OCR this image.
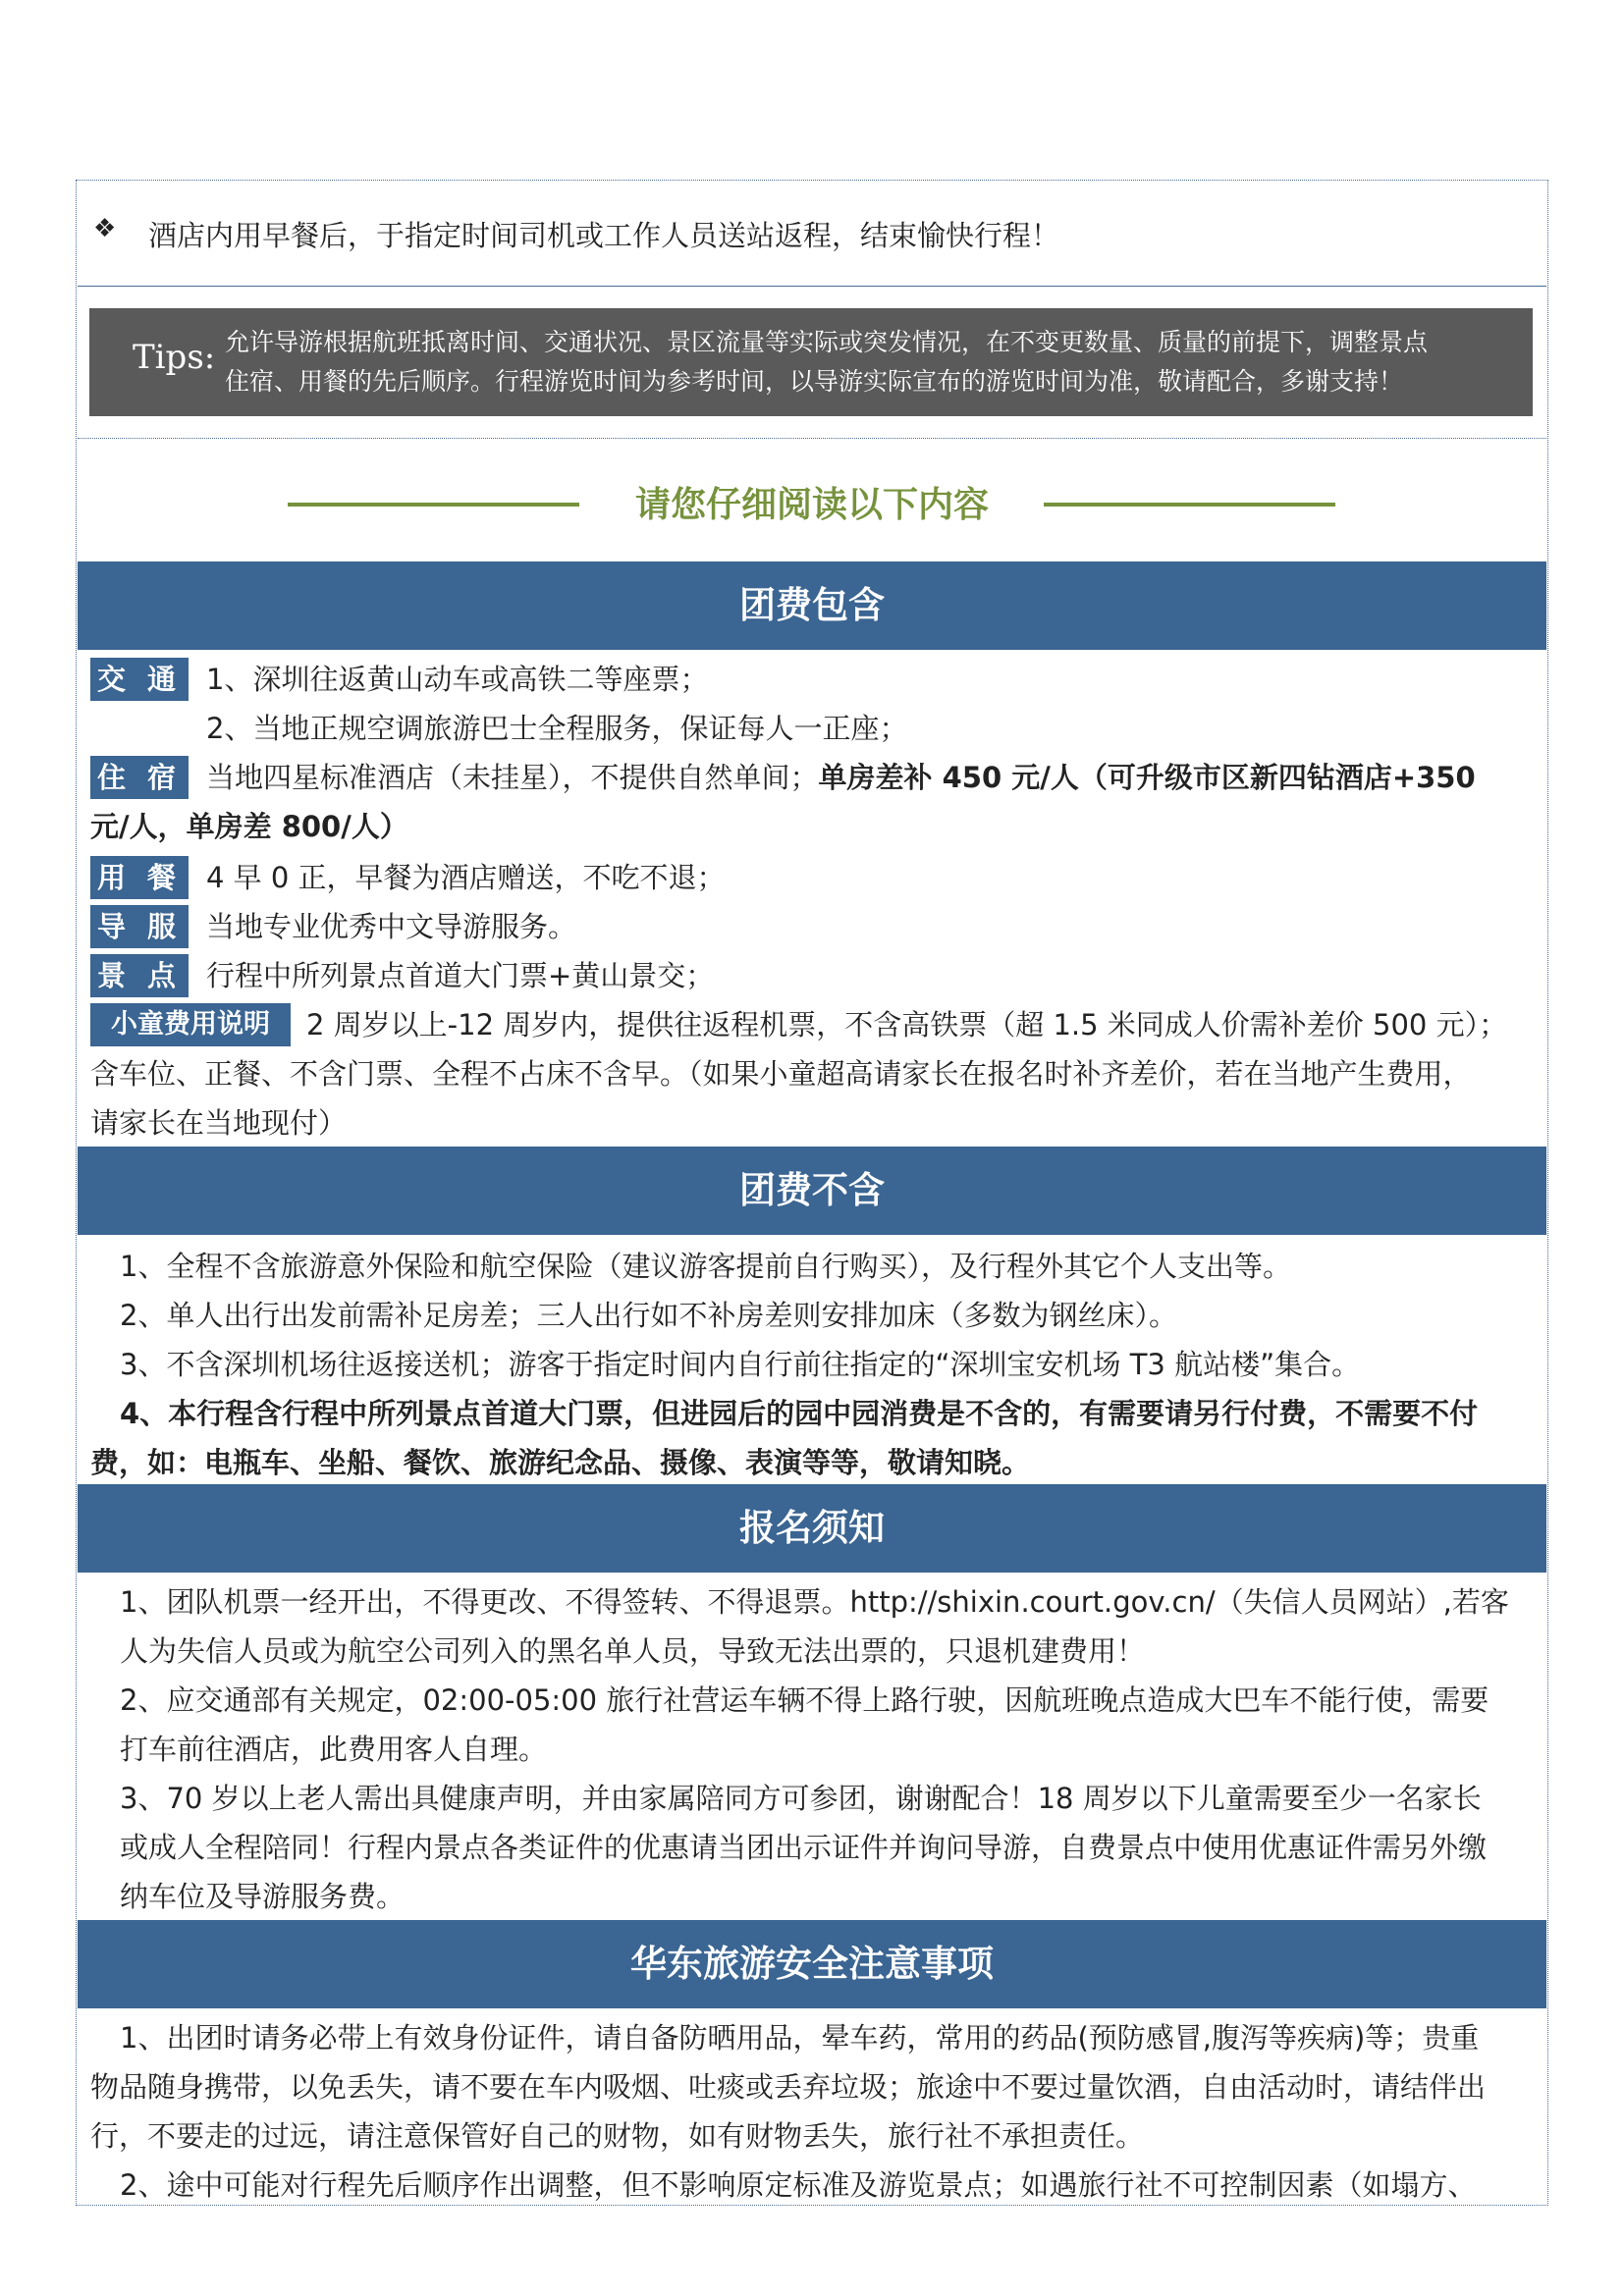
❖ 酒店内用早餐后，于指定时间司机或工作人员送站返程，结束愉快行程！
Tips: 允许导游根据航班抵离时间、交通状况、景区流量等实际或突发情况，在不变更数量、质量的前提下，调整景点
住宿、用餐的先后顺序。行程游览时间为参考时间，以导游实际宣布的游览时间为准，敬请配合，多谢支持！
请您仔细阅读以下内容
团费包含
交 通 1、深圳往返黄山动车或高铁二等座票；
2、当地正规空调旅游巴士全程服务，保证每人一正座；
住 宿 当地四星标准酒店（未挂星），不提供自然单间；单房差补 450 元/人（可升级市区新四钻酒店+350
元/人，单房差 800/人）
用 餐 4 早 0 正，早餐为酒店赠送，不吃不退；
导 服 当地专业优秀中文导游服务。
景 点 行程中所列景点首道大门票+黄山景交；
小童费用说明	2 周岁以上-12 周岁内，提供往返程机票，不含高铁票（超 1.5 米同成人价需补差价 500 元）；
含车位、正餐、不含门票、全程不占床不含早。（如果小童超高请家长在报名时补齐差价，若在当地产生费用，
请家长在当地现付）
团费不含
1、全程不含旅游意外保险和航空保险（建议游客提前自行购买），及行程外其它个人支出等。
2、单人出行出发前需补足房差；三人出行如不补房差则安排加床（多数为钢丝床）。
3、不含深圳机场往返接送机；游客于指定时间内自行前往指定的“深圳宝安机场 T3 航站楼”集合。
4、本行程含行程中所列景点首道大门票，但进园后的园中园消费是不含的，有需要请另行付费，不需要不付
费，如：电瓶车、坐船、餐饮、旅游纪念品、摄像、表演等等，敬请知晓。
报名须知
1、团队机票一经开出，不得更改、不得签转、不得退票。http://shixin.court.gov.cn/（失信人员网站）,若客
人为失信人员或为航空公司列入的黑名单人员，导致无法出票的，只退机建费用！
2、应交通部有关规定，02:00-05:00 旅行社营运车辆不得上路行驶，因航班晚点造成大巴车不能行使，需要
打车前往酒店，此费用客人自理。
3、70 岁以上老人需出具健康声明，并由家属陪同方可参团，谢谢配合！18 周岁以下儿童需要至少一名家长
或成人全程陪同！行程内景点各类证件的优惠请当团出示证件并询问导游，自费景点中使用优惠证件需另外缴
纳车位及导游服务费。
华东旅游安全注意事项
1、出团时请务必带上有效身份证件，请自备防晒用品，晕车药，常用的药品(预防感冒,腹泻等疾病)等；贵重
物品随身携带，以免丢失，请不要在车内吸烟、吐痰或丢弃垃圾；旅途中不要过量饮酒，自由活动时，请结伴出
行，不要走的过远，请注意保管好自己的财物，如有财物丢失，旅行社不承担责任。
2、途中可能对行程先后顺序作出调整，但不影响原定标准及游览景点；如遇旅行社不可控制因素（如塌方、
